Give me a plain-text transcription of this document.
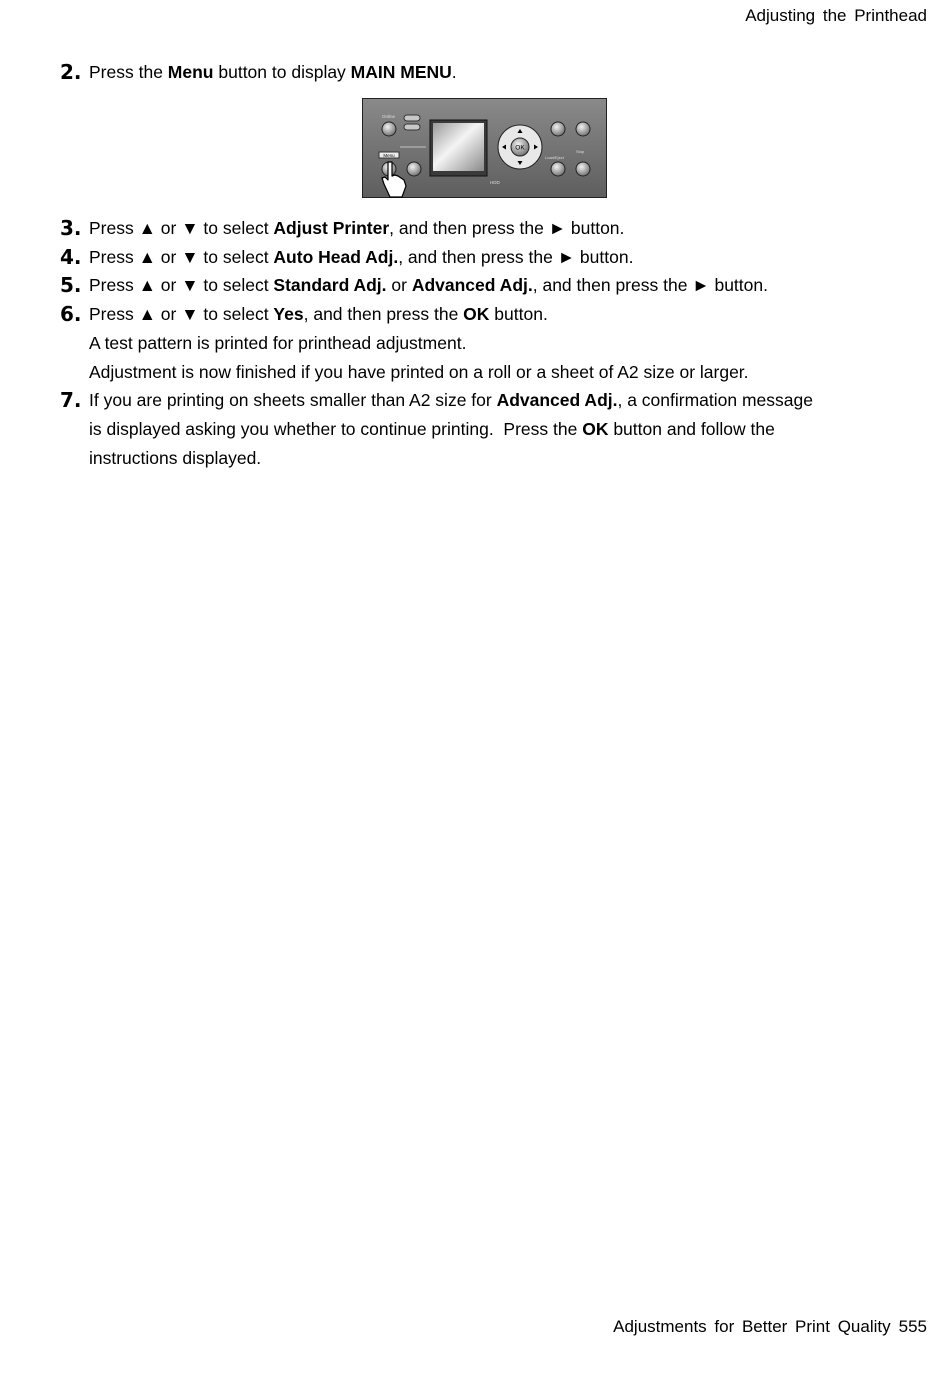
Adjusting the Printhead
2. Press the Menu button to display MAIN MENU.
Online
Menu
HDD
OK
Load/Eject
Stop
3. Press ▲ or ▼ to select Adjust Printer, and then press the ► button.
4. Press ▲ or ▼ to select Auto Head Adj., and then press the ► button.
5. Press ▲ or ▼ to select Standard Adj. or Advanced Adj., and then press the ► button.
6. Press ▲ or ▼ to select Yes, and then press the OK button.
A test pattern is printed for printhead adjustment.
Adjustment is now finished if you have printed on a roll or a sheet of A2 size or larger.
7. If you are printing on sheets smaller than A2 size for Advanced Adj., a confirmation message
is displayed asking you whether to continue printing.  Press the OK button and follow the
instructions displayed.
Adjustments for Better Print Quality 555
